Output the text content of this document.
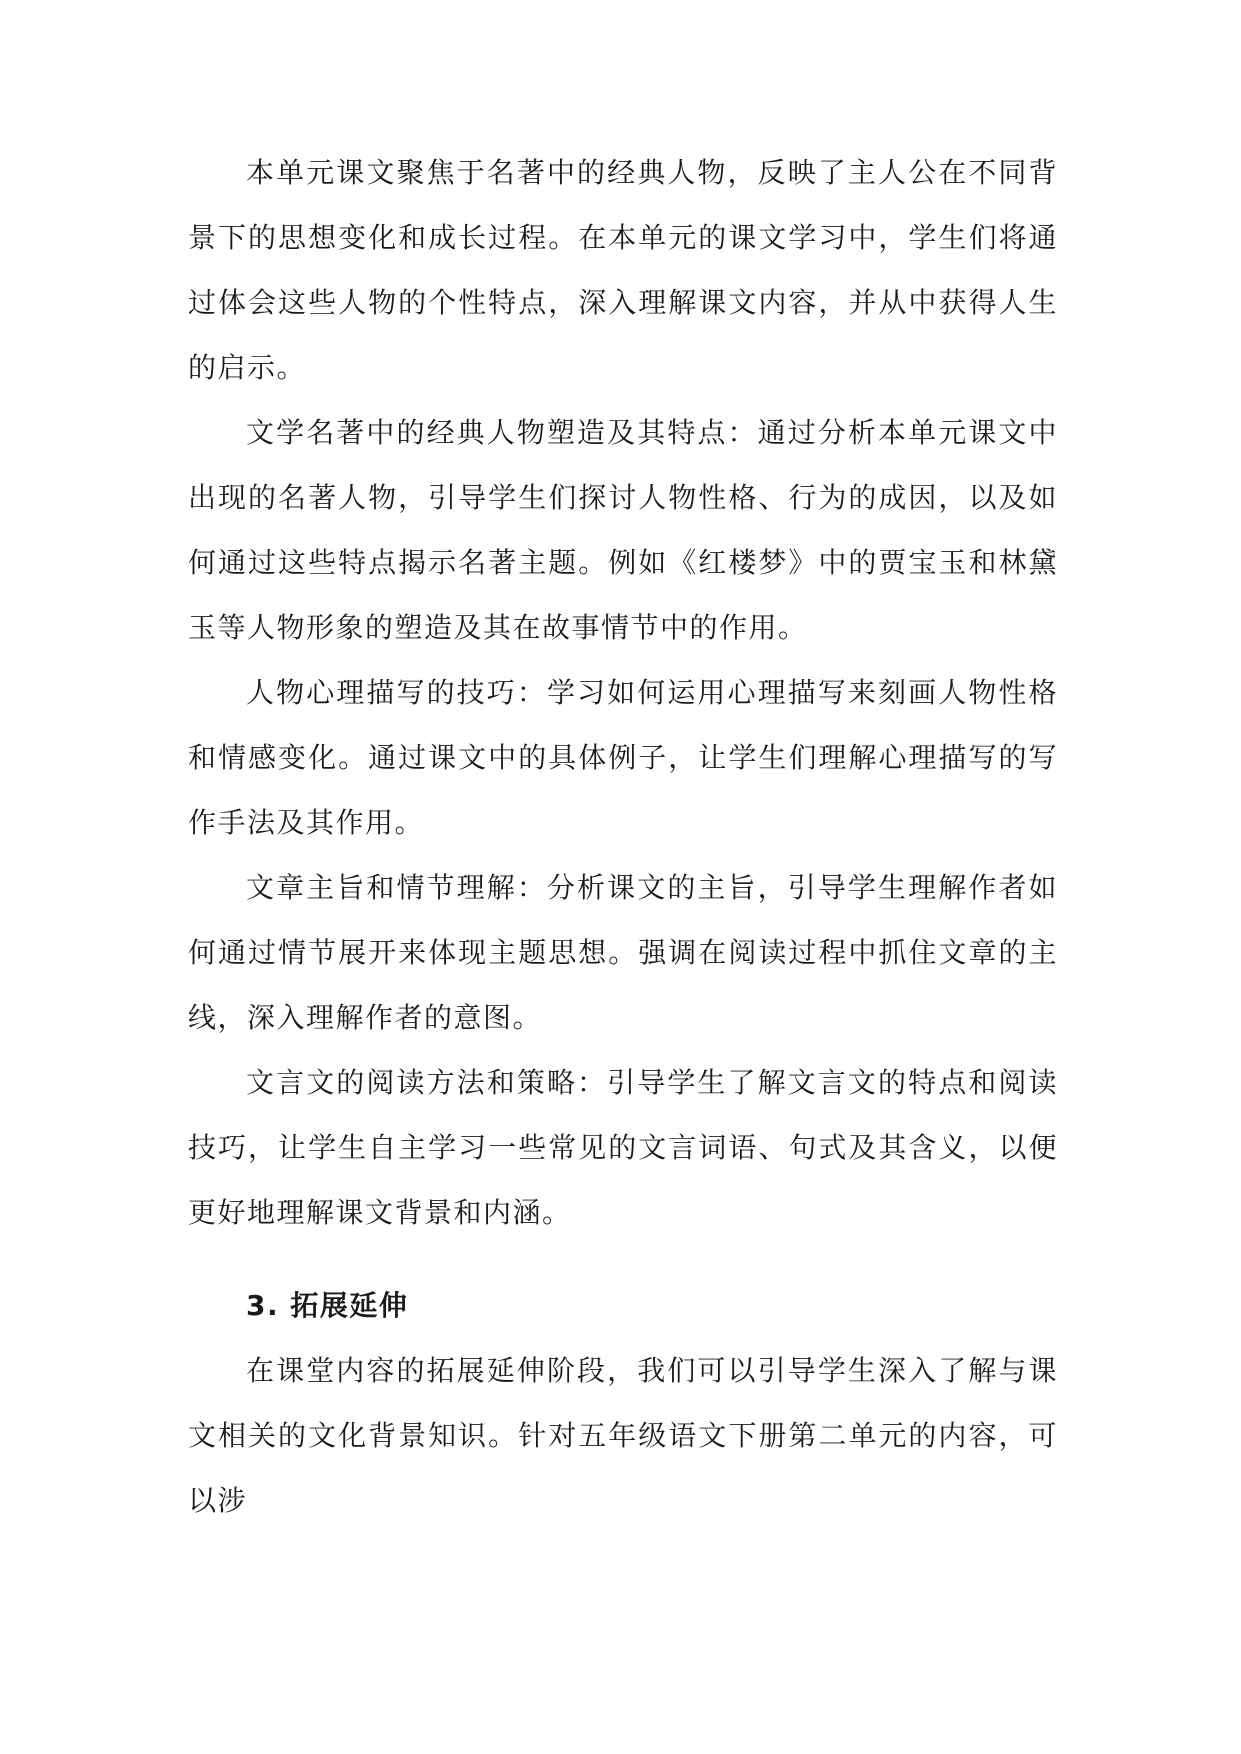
本单元课文聚焦于名著中的经典人物，反映了主人公在不同背景下的思想变化和成长过程。在本单元的课文学习中，学生们将通过体会这些人物的个性特点，深入理解课文内容，并从中获得人生的启示。

文学名著中的经典人物塑造及其特点：通过分析本单元课文中出现的名著人物，引导学生们探讨人物性格、行为的成因，以及如何通过这些特点揭示名著主题。例如《红楼梦》中的贾宝玉和林黛玉等人物形象的塑造及其在故事情节中的作用。

人物心理描写的技巧：学习如何运用心理描写来刻画人物性格和情感变化。通过课文中的具体例子，让学生们理解心理描写的写作手法及其作用。

文章主旨和情节理解：分析课文的主旨，引导学生理解作者如何通过情节展开来体现主题思想。强调在阅读过程中抓住文章的主线，深入理解作者的意图。

文言文的阅读方法和策略：引导学生了解文言文的特点和阅读技巧，让学生自主学习一些常见的文言词语、句式及其含义，以便更好地理解课文背景和内涵。

3. 拓展延伸

在课堂内容的拓展延伸阶段，我们可以引导学生深入了解与课文相关的文化背景知识。针对五年级语文下册第二单元的内容，可以涉
